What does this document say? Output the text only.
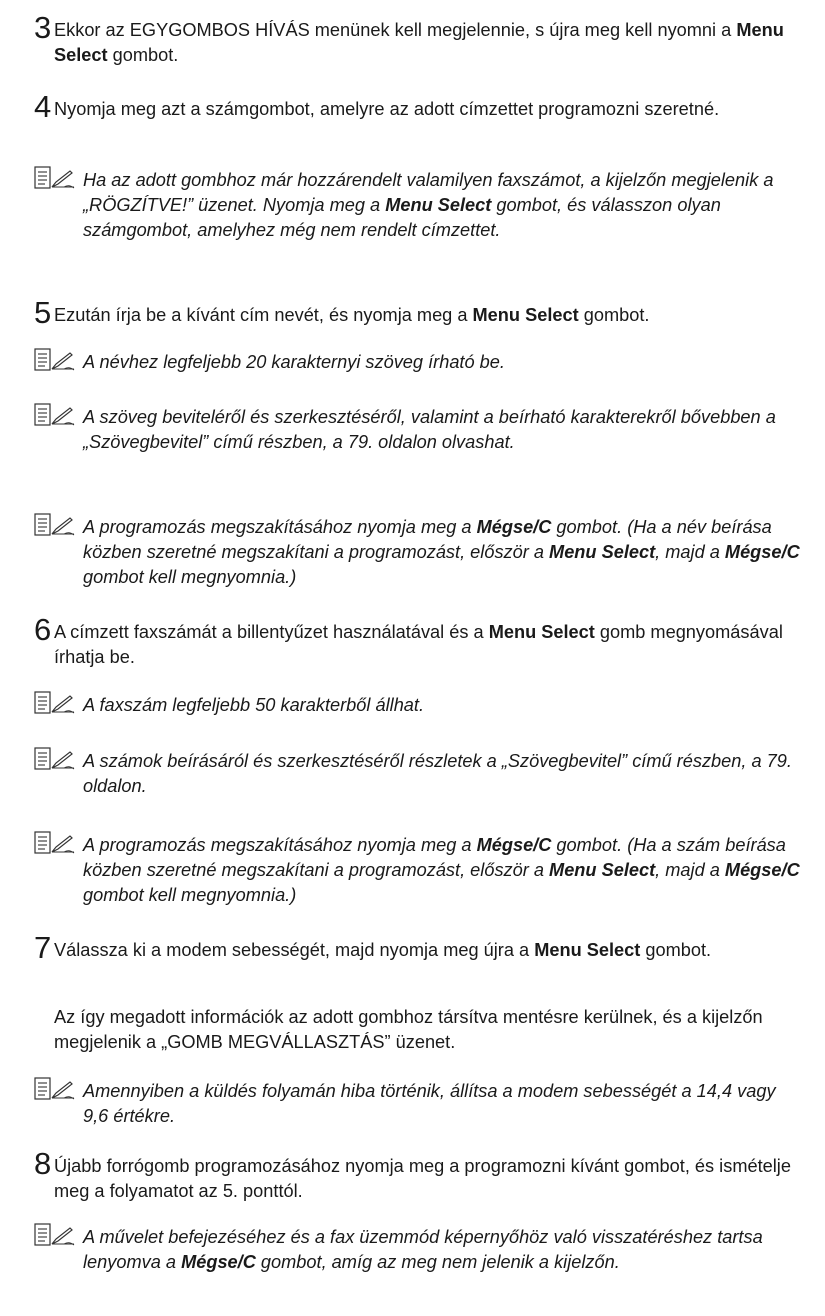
3 Ekkor az EGYGOMBOS HÍVÁS menünek kell megjelennie, s újra meg kell nyomni a Menu Select gombot.
4 Nyomja meg azt a számgombot, amelyre az adott címzettet programozni szeretné.
Ha az adott gombhoz már hozzárendelt valamilyen faxszámot, a kijelzőn megjelenik a „RÖGZÍTVE!” üzenet. Nyomja meg a Menu Select gombot, és válasszon olyan számgombot, amelyhez még nem rendelt címzettet.
5 Ezután írja be a kívánt cím nevét, és nyomja meg a Menu Select gombot.
A névhez legfeljebb 20 karakternyi szöveg írható be.
A szöveg beviteléről és szerkesztéséről, valamint a beírható karakterekről bővebben a „Szövegbevitel” című részben, a 79. oldalon olvashat.
A programozás megszakításához nyomja meg a Mégse/C gombot. (Ha a név beírása közben szeretné megszakítani a programozást, először a Menu Select, majd a Mégse/C gombot kell megnyomnia.)
6 A címzett faxszámát a billentyűzet használatával és a Menu Select gomb megnyomásával írhatja be.
A faxszám legfeljebb 50 karakterből állhat.
A számok beírásáról és szerkesztéséről részletek a „Szövegbevitel” című részben, a 79. oldalon.
A programozás megszakításához nyomja meg a Mégse/C gombot. (Ha a szám beírása közben szeretné megszakítani a programozást, először a Menu Select, majd a Mégse/C gombot kell megnyomnia.)
7 Válassza ki a modem sebességét, majd nyomja meg újra a Menu Select gombot.
Az így megadott információk az adott gombhoz társítva mentésre kerülnek, és a kijelzőn megjelenik a „GOMB MEGVÁLLASZTÁS” üzenet.
Amennyiben a küldés folyamán hiba történik, állítsa a modem sebességét a 14,4 vagy 9,6 értékre.
8 Újabb forrógomb programozásához nyomja meg a programozni kívánt gombot, és ismételje meg a folyamatot az 5. ponttól.
A művelet befejezéséhez és a fax üzemmód képernyőhöz való visszatéréshez tartsa lenyomva a Mégse/C gombot, amíg az meg nem jelenik a kijelzőn.
